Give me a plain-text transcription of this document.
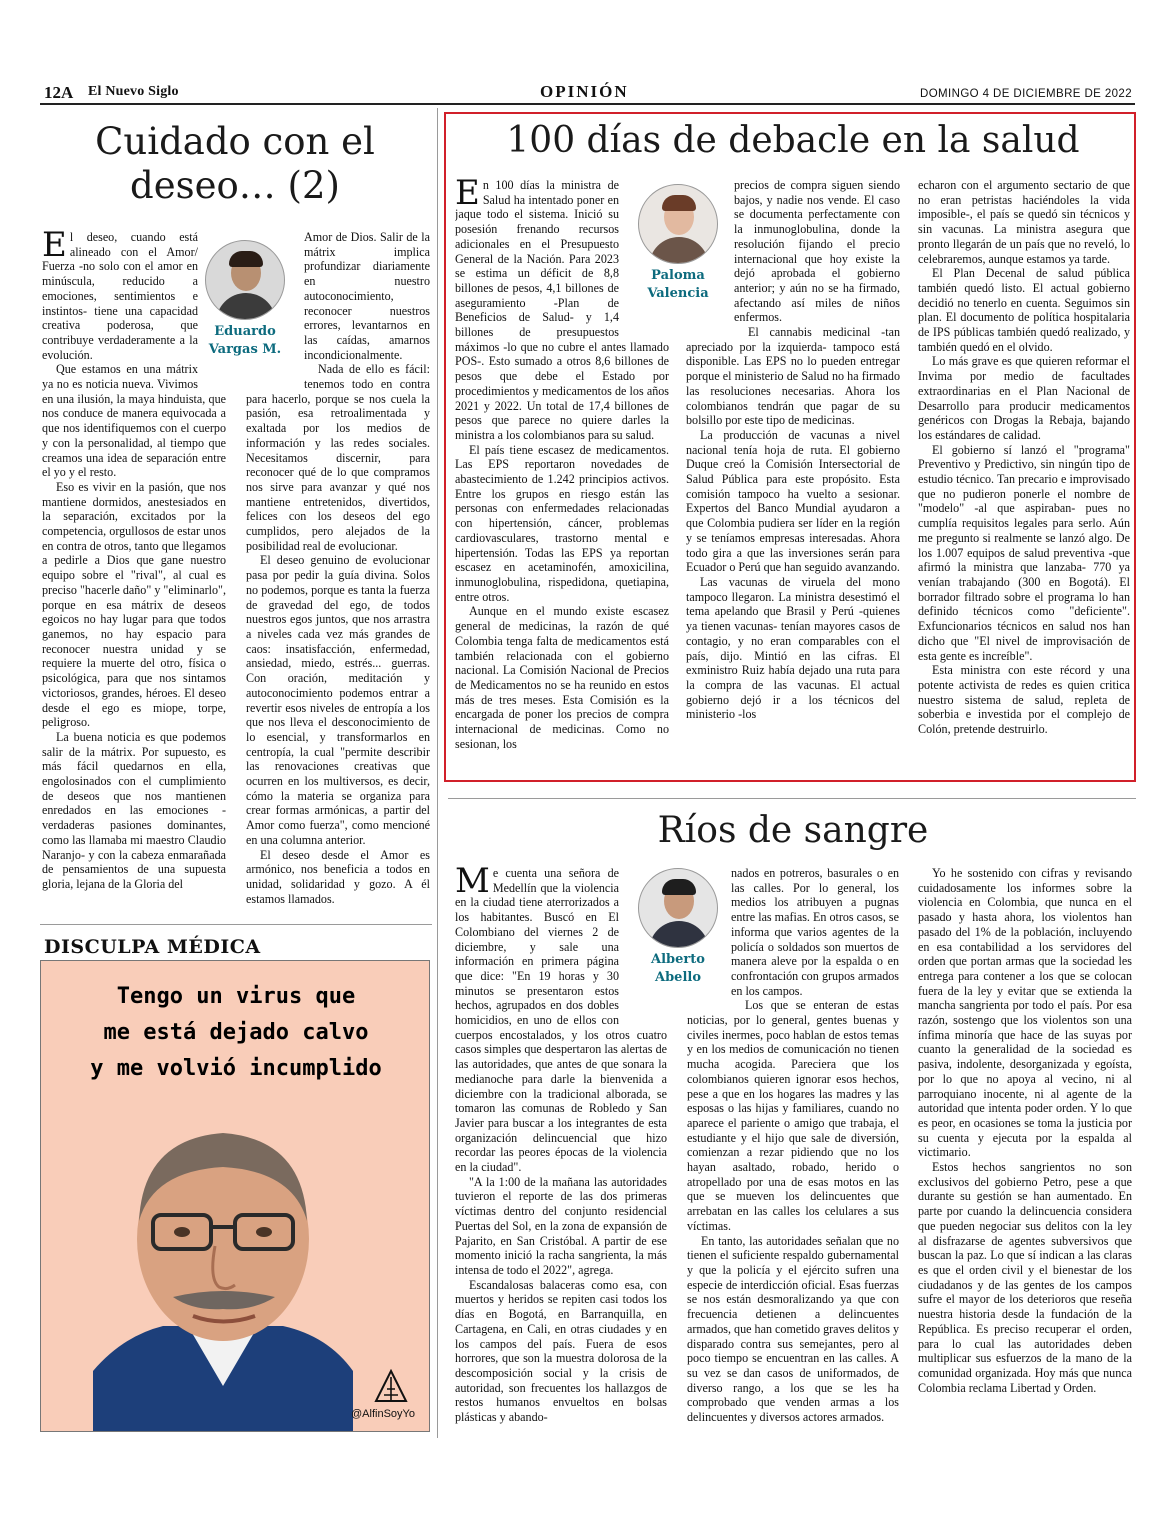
12A El Nuevo Siglo	OPINIÓN	DOMINGO 4 DE DICIEMBRE DE 2022
Cuidado con el deseo… (2)

El deseo, cuando está alineado con el Amor/ Fuerza -no solo con el amor en minúscula, reducido a emociones, sentimientos e instintos- tiene una capacidad creativa poderosa, que contribuye verdaderamente a la evolución.

Que estamos en una mátrix ya no es noticia nueva. Vivimos en una ilusión, la maya hinduista, que nos conduce de manera equivocada a que nos identifiquemos con el cuerpo y con la personalidad, al tiempo que creamos una idea de separación entre el yo y el resto.

Eso es vivir en la pasión, que nos mantiene dormidos, anestesiados en la separación, excitados por la competencia, orgullosos de estar unos en contra de otros, tanto que llegamos a pedirle a Dios que gane nuestro equipo sobre el "rival", al cual es preciso "hacerle daño" y "eliminarlo", porque en esa mátrix de deseos egoicos no hay lugar para que todos ganemos, no hay espacio para reconocer nuestra unidad y se requiere la muerte del otro, física o psicológica, para que nos sintamos victoriosos, grandes, héroes. El deseo desde el ego es miope, torpe, peligroso.

La buena noticia es que podemos salir de la mátrix. Por supuesto, es más fácil quedarnos en ella, engolosinados con el cumplimiento de deseos que nos mantienen enredados en las emociones -verdaderas pasiones dominantes, como las llamaba mi maestro Claudio Naranjo- y con la cabeza enmarañada de pensamientos de una supuesta gloria, lejana de la Gloria del

Amor de Dios. Salir de la mátrix implica profundizar diariamente en nuestro autoconocimiento, reconocer nuestros errores, levantarnos en las caídas, amarnos incondicionalmente.

Nada de ello es fácil: tenemos todo en contra para hacerlo, porque se nos cuela la pasión, esa retroalimentada y exaltada por los medios de información y las redes sociales. Necesitamos discernir, para reconocer qué de lo que compramos nos sirve para avanzar y qué nos mantiene entretenidos, divertidos, felices con los deseos del ego cumplidos, pero alejados de la posibilidad real de evolucionar.

El deseo genuino de evolucionar pasa por pedir la guía divina. Solos no podemos, porque es tanta la fuerza de gravedad del ego, de todos nuestros egos juntos, que nos arrastra a niveles cada vez más grandes de caos: insatisfacción, enfermedad, ansiedad, miedo, estrés... guerras. Con oración, meditación y autoconocimiento podemos entrar a revertir esos niveles de entropía a los que nos lleva el desconocimiento de lo esencial, y transformarlos en centropía, la cual "permite describir las renovaciones creativas que ocurren en los multiversos, es decir, cómo la materia se organiza para crear formas armónicas, a partir del Amor como fuerza", como mencioné en una columna anterior.

El deseo desde el Amor es armónico, nos beneficia a todos en unidad, solidaridad y gozo. A él estamos llamados.

Eduardo
Vargas M.
100 días de debacle en la salud

En 100 días la ministra de Salud ha intentado poner en jaque todo el sistema. Inició su posesión frenando recursos adicionales en el Presupuesto General de la Nación. Para 2023 se estima un déficit de 8,8 billones de pesos, 4,1 billones de aseguramiento -Plan de Beneficios de Salud- y 1,4 billones de presupuestos máximos -lo que no cubre el antes llamado POS-. Esto sumado a otros 8,6 billones de pesos que debe el Estado por procedimientos y medicamentos de los años 2021 y 2022. Un total de 17,4 billones de pesos que parece no quiere darles la ministra a los colombianos para su salud.

El país tiene escasez de medicamentos. Las EPS reportaron novedades de abastecimiento de 1.242 principios activos. Entre los grupos en riesgo están las personas con enfermedades relacionadas con hipertensión, cáncer, problemas cardiovasculares, trastorno mental e hipertensión. Todas las EPS ya reportan escasez en acetaminofén, amoxicilina, inmunoglobulina, rispedidona, quetiapina, entre otros.

Aunque en el mundo existe escasez general de medicinas, la razón de qué Colombia tenga falta de medicamentos está también relacionada con el gobierno nacional. La Comisión Nacional de Precios de Medicamentos no se ha reunido en estos más de tres meses. Esta Comisión es la encargada de poner los precios de compra internacional de medicinas. Como no sesionan, los

precios de compra siguen siendo bajos, y nadie nos vende. El caso se documenta perfectamente con la inmunoglobulina, donde la resolución fijando el precio internacional que hoy existe la dejó aprobada el gobierno anterior; y aún no se ha firmado, afectando así miles de niños enfermos.

El cannabis medicinal -tan apreciado por la izquierda- tampoco está disponible. Las EPS no lo pueden entregar porque el ministerio de Salud no ha firmado las resoluciones necesarias. Ahora los colombianos tendrán que pagar de su bolsillo por este tipo de medicinas.

La producción de vacunas a nivel nacional tenía hoja de ruta. El gobierno Duque creó la Comisión Intersectorial de Salud Pública para este propósito. Esta comisión tampoco ha vuelto a sesionar. Expertos del Banco Mundial ayudaron a que Colombia pudiera ser líder en la región y se teníamos empresas interesadas. Ahora todo gira a que las inversiones serán para Ecuador o Perú que han seguido avanzando.

Las vacunas de viruela del mono tampoco llegaron. La ministra desestimó el tema apelando que Brasil y Perú -quienes ya tienen vacunas- tenían mayores casos de contagio, y no eran comparables con el país, dijo. Mintió en las cifras. El exministro Ruiz había dejado una ruta para la compra de las vacunas. El actual gobierno dejó ir a los técnicos del ministerio -los

echaron con el argumento sectario de que no eran petristas haciéndoles la vida imposible-, el país se quedó sin técnicos y sin vacunas. La ministra asegura que pronto llegarán de un país que no reveló, lo celebraremos, aunque estamos ya tarde.

El Plan Decenal de salud pública también quedó listo. El actual gobierno decidió no tenerlo en cuenta. Seguimos sin plan. El documento de política hospitalaria de IPS públicas también quedó realizado, y también quedó en el olvido.

Lo más grave es que quieren reformar el Invima por medio de facultades extraordinarias en el Plan Nacional de Desarrollo para producir medicamentos genéricos con Drogas la Rebaja, bajando los estándares de calidad.

El gobierno sí lanzó el "programa" Preventivo y Predictivo, sin ningún tipo de estudio técnico. Tan precario e improvisado que no pudieron ponerle el nombre de "modelo" -al que aspiraban- pues no cumplía requisitos legales para serlo. Aún me pregunto si realmente se lanzó algo. De los 1.007 equipos de salud preventiva -que afirmó la ministra que lanzaba- 770 ya venían trabajando (300 en Bogotá). El borrador filtrado sobre el programa lo han definido técnicos como "deficiente". Exfuncionarios técnicos en salud nos han dicho que "El nivel de improvisación de esta gente es increíble".

Esta ministra con este récord y una potente activista de redes es quien critica nuestro sistema de salud, repleta de soberbia e investida por el complejo de Colón, pretende destruirlo.

Paloma
Valencia
Ríos de sangre

Me cuenta una señora de Medellín que la violencia en la ciudad tiene aterrorizados a los habitantes. Buscó en El Colombiano del viernes 2 de diciembre, y sale una información en primera página que dice: "En 19 horas y 30 minutos se presentaron estos hechos, agrupados en dos dobles homicidios, en uno de ellos con cuerpos encostalados, y los otros cuatro casos simples que despertaron las alertas de las autoridades, que antes de que sonara la medianoche para darle la bienvenida a diciembre con la tradicional alborada, se tomaron las comunas de Robledo y San Javier para buscar a los integrantes de esta organización delincuencial que hizo recordar las peores épocas de la violencia en la ciudad".

"A la 1:00 de la mañana las autoridades tuvieron el reporte de las dos primeras víctimas dentro del conjunto residencial Puertas del Sol, en la zona de expansión de Pajarito, en San Cristóbal. A partir de ese momento inició la racha sangrienta, la más intensa de todo el 2022", agrega.

Escandalosas balaceras como esa, con muertos y heridos se repiten casi todos los días en Bogotá, en Barranquilla, en Cartagena, en Cali, en otras ciudades y en los campos del país. Fuera de esos horrores, que son la muestra dolorosa de la descomposición social y la crisis de autoridad, son frecuentes los hallazgos de restos humanos envueltos en bolsas plásticas y abando-

nados en potreros, basurales o en las calles. Por lo general, los medios los atribuyen a pugnas entre las mafias. En otros casos, se informa que varios agentes de la policía o soldados son muertos de manera aleve por la espalda o en confrontación con grupos armados en los campos.

Los que se enteran de estas noticias, por lo general, gentes buenas y civiles inermes, poco hablan de estos temas y en los medios de comunicación no tienen mucha acogida. Pareciera que los colombianos quieren ignorar esos hechos, pese a que en los hogares las madres y las esposas o las hijas y familiares, cuando no aparece el pariente o amigo que trabaja, el estudiante y el hijo que sale de diversión, comienzan a rezar pidiendo que no los hayan asaltado, robado, herido o atropellado por una de esas motos en las que se mueven los delincuentes que arrebatan en las calles los celulares a sus víctimas.

En tanto, las autoridades señalan que no tienen el suficiente respaldo gubernamental y que la policía y el ejército sufren una especie de interdicción oficial. Esas fuerzas se nos están desmoralizando ya que con frecuencia detienen a delincuentes armados, que han cometido graves delitos y disparado contra sus semejantes, pero al poco tiempo se encuentran en las calles. A su vez se dan casos de uniformados, de diverso rango, a los que se les ha comprobado que venden armas a los delincuentes y diversos actores armados.

Yo he sostenido con cifras y revisando cuidadosamente los informes sobre la violencia en Colombia, que nunca en el pasado y hasta ahora, los violentos han pasado del 1% de la población, incluyendo en esa contabilidad a los servidores del orden que portan armas que la sociedad les entrega para contener a los que se colocan fuera de la ley y evitar que se extienda la mancha sangrienta por todo el país. Por esa razón, sostengo que los violentos son una ínfima minoría que hace de las suyas por cuanto la generalidad de la sociedad es pasiva, indolente, desorganizada y egoísta, por lo que no apoya al vecino, ni al parroquiano inocente, ni al agente de la autoridad que intenta poder orden. Y lo que es peor, en ocasiones se toma la justicia por su cuenta y ejecuta por la espalda al victimario.

Estos hechos sangrientos no son exclusivos del gobierno Petro, pese a que durante su gestión se han aumentado. En parte por cuando la delincuencia considera que pueden negociar sus delitos con la ley al disfrazarse de agentes subversivos que buscan la paz. Lo que sí indican a las claras es que el orden civil y el bienestar de los ciudadanos y de las gentes de los campos sufre el mayor de los deterioros que reseña nuestra historia desde la fundación de la República. Es preciso recuperar el orden, para lo cual las autoridades deben multiplicar sus esfuerzos de la mano de la comunidad organizada. Hoy más que nunca Colombia reclama Libertad y Orden.

Alberto
Abello
DISCULPA MÉDICA
Tengo un virus que
me está dejado calvo
y me volvió incumplido
@AlfinSoyYo
